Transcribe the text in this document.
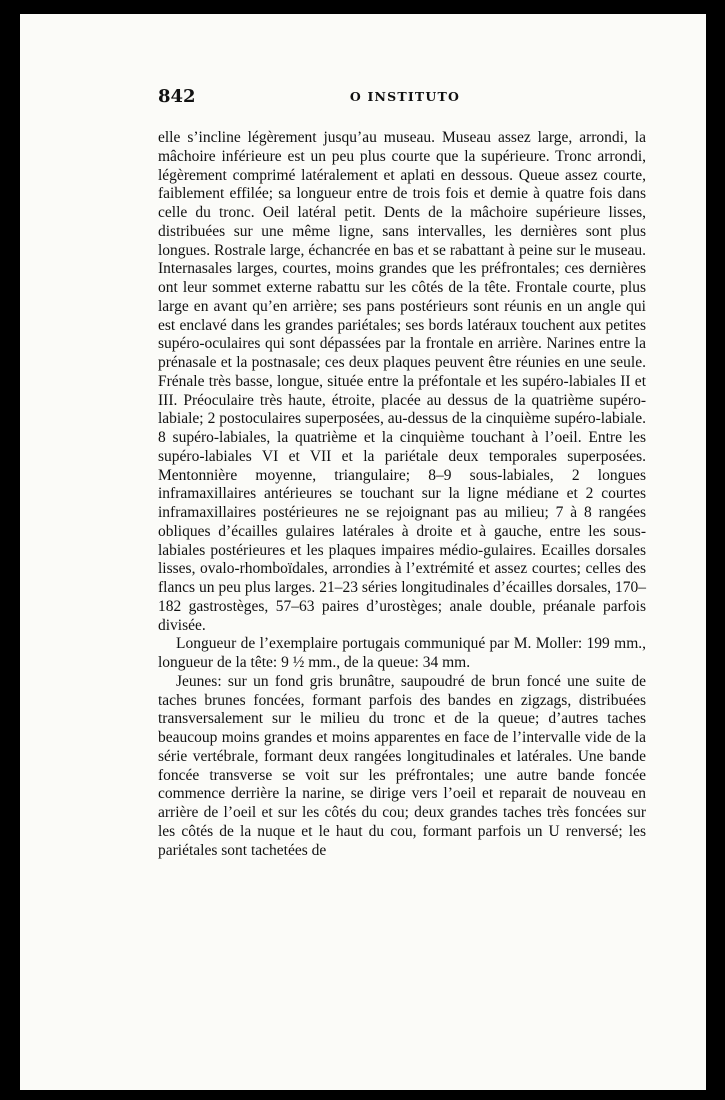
842	O INSTITUTO

elle s’incline légèrement jusqu’au museau. Museau assez large, arrondi, la mâchoire inférieure est un peu plus courte que la supérieure. Tronc arrondi, légèrement comprimé latéralement et aplati en dessous. Queue assez courte, faiblement effilée; sa longueur entre de trois fois et demie à quatre fois dans celle du tronc. Oeil latéral petit. Dents de la mâchoire supérieure lisses, distribuées sur une même ligne, sans intervalles, les dernières sont plus longues. Rostrale large, échancrée en bas et se rabattant à peine sur le museau. Internasales larges, courtes, moins grandes que les préfrontales; ces dernières ont leur sommet externe rabattu sur les côtés de la tête. Frontale courte, plus large en avant qu’en arrière; ses pans postérieurs sont réunis en un angle qui est enclavé dans les grandes pariétales; ses bords latéraux touchent aux petites supéro-oculaires qui sont dépassées par la frontale en arrière. Narines entre la prénasale et la postnasale; ces deux plaques peuvent être réunies en une seule. Frénale très basse, longue, située entre la préfontale et les supéro-labiales II et III. Préoculaire très haute, étroite, placée au dessus de la quatrième supéro-labiale; 2 postoculaires superposées, au-dessus de la cinquième supéro-labiale. 8 supéro-labiales, la quatrième et la cinquième touchant à l’oeil. Entre les supéro-labiales VI et VII et la pariétale deux temporales superposées. Mentonnière moyenne, triangulaire; 8–9 sous-labiales, 2 longues inframaxillaires antérieures se touchant sur la ligne médiane et 2 courtes inframaxillaires postérieures ne se rejoignant pas au milieu; 7 à 8 rangées obliques d’écailles gulaires latérales à droite et à gauche, entre les sous-labiales postérieures et les plaques impaires médio-gulaires. Ecailles dorsales lisses, ovalo-rhomboïdales, arrondies à l’extrémité et assez courtes; celles des flancs un peu plus larges. 21–23 séries longitudinales d’écailles dorsales, 170–182 gastrostèges, 57–63 paires d’urostèges; anale double, préanale parfois divisée.

Longueur de l’exemplaire portugais communiqué par M. Moller: 199 mm., longueur de la tête: 9 ½ mm., de la queue: 34 mm.

Jeunes: sur un fond gris brunâtre, saupoudré de brun foncé une suite de taches brunes foncées, formant parfois des bandes en zigzags, distribuées transversalement sur le milieu du tronc et de la queue; d’autres taches beaucoup moins grandes et moins apparentes en face de l’intervalle vide de la série vertébrale, formant deux rangées longitudinales et latérales. Une bande foncée transverse se voit sur les préfrontales; une autre bande foncée commence derrière la narine, se dirige vers l’oeil et reparait de nouveau en arrière de l’oeil et sur les côtés du cou; deux grandes taches très foncées sur les côtés de la nuque et le haut du cou, formant parfois un U renversé; les pariétales sont tachetées de
